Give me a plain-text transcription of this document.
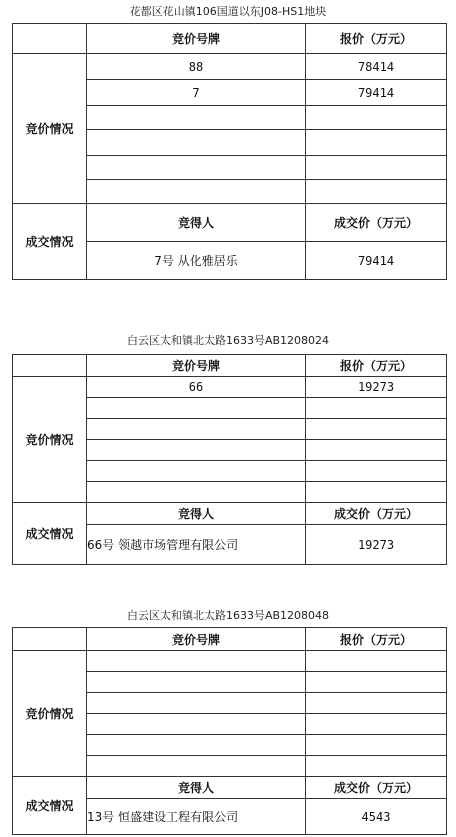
花都区花山镇106国道以东J08-HS1地块
	竞价号牌	报价（万元）
竞价情况	88	78414
	7	79414

成交情况	竞得人	成交价（万元）
	7号 从化雅居乐	79414
白云区太和镇北太路1633号AB1208024
	竞价号牌	报价（万元）
竞价情况	66	19273

成交情况	竞得人	成交价（万元）
	66号 领越市场管理有限公司	19273
白云区太和镇北太路1633号AB1208048
	竞价号牌	报价（万元）
竞价情况		

成交情况	竞得人	成交价（万元）
	13号 恒盛建设工程有限公司	4543
